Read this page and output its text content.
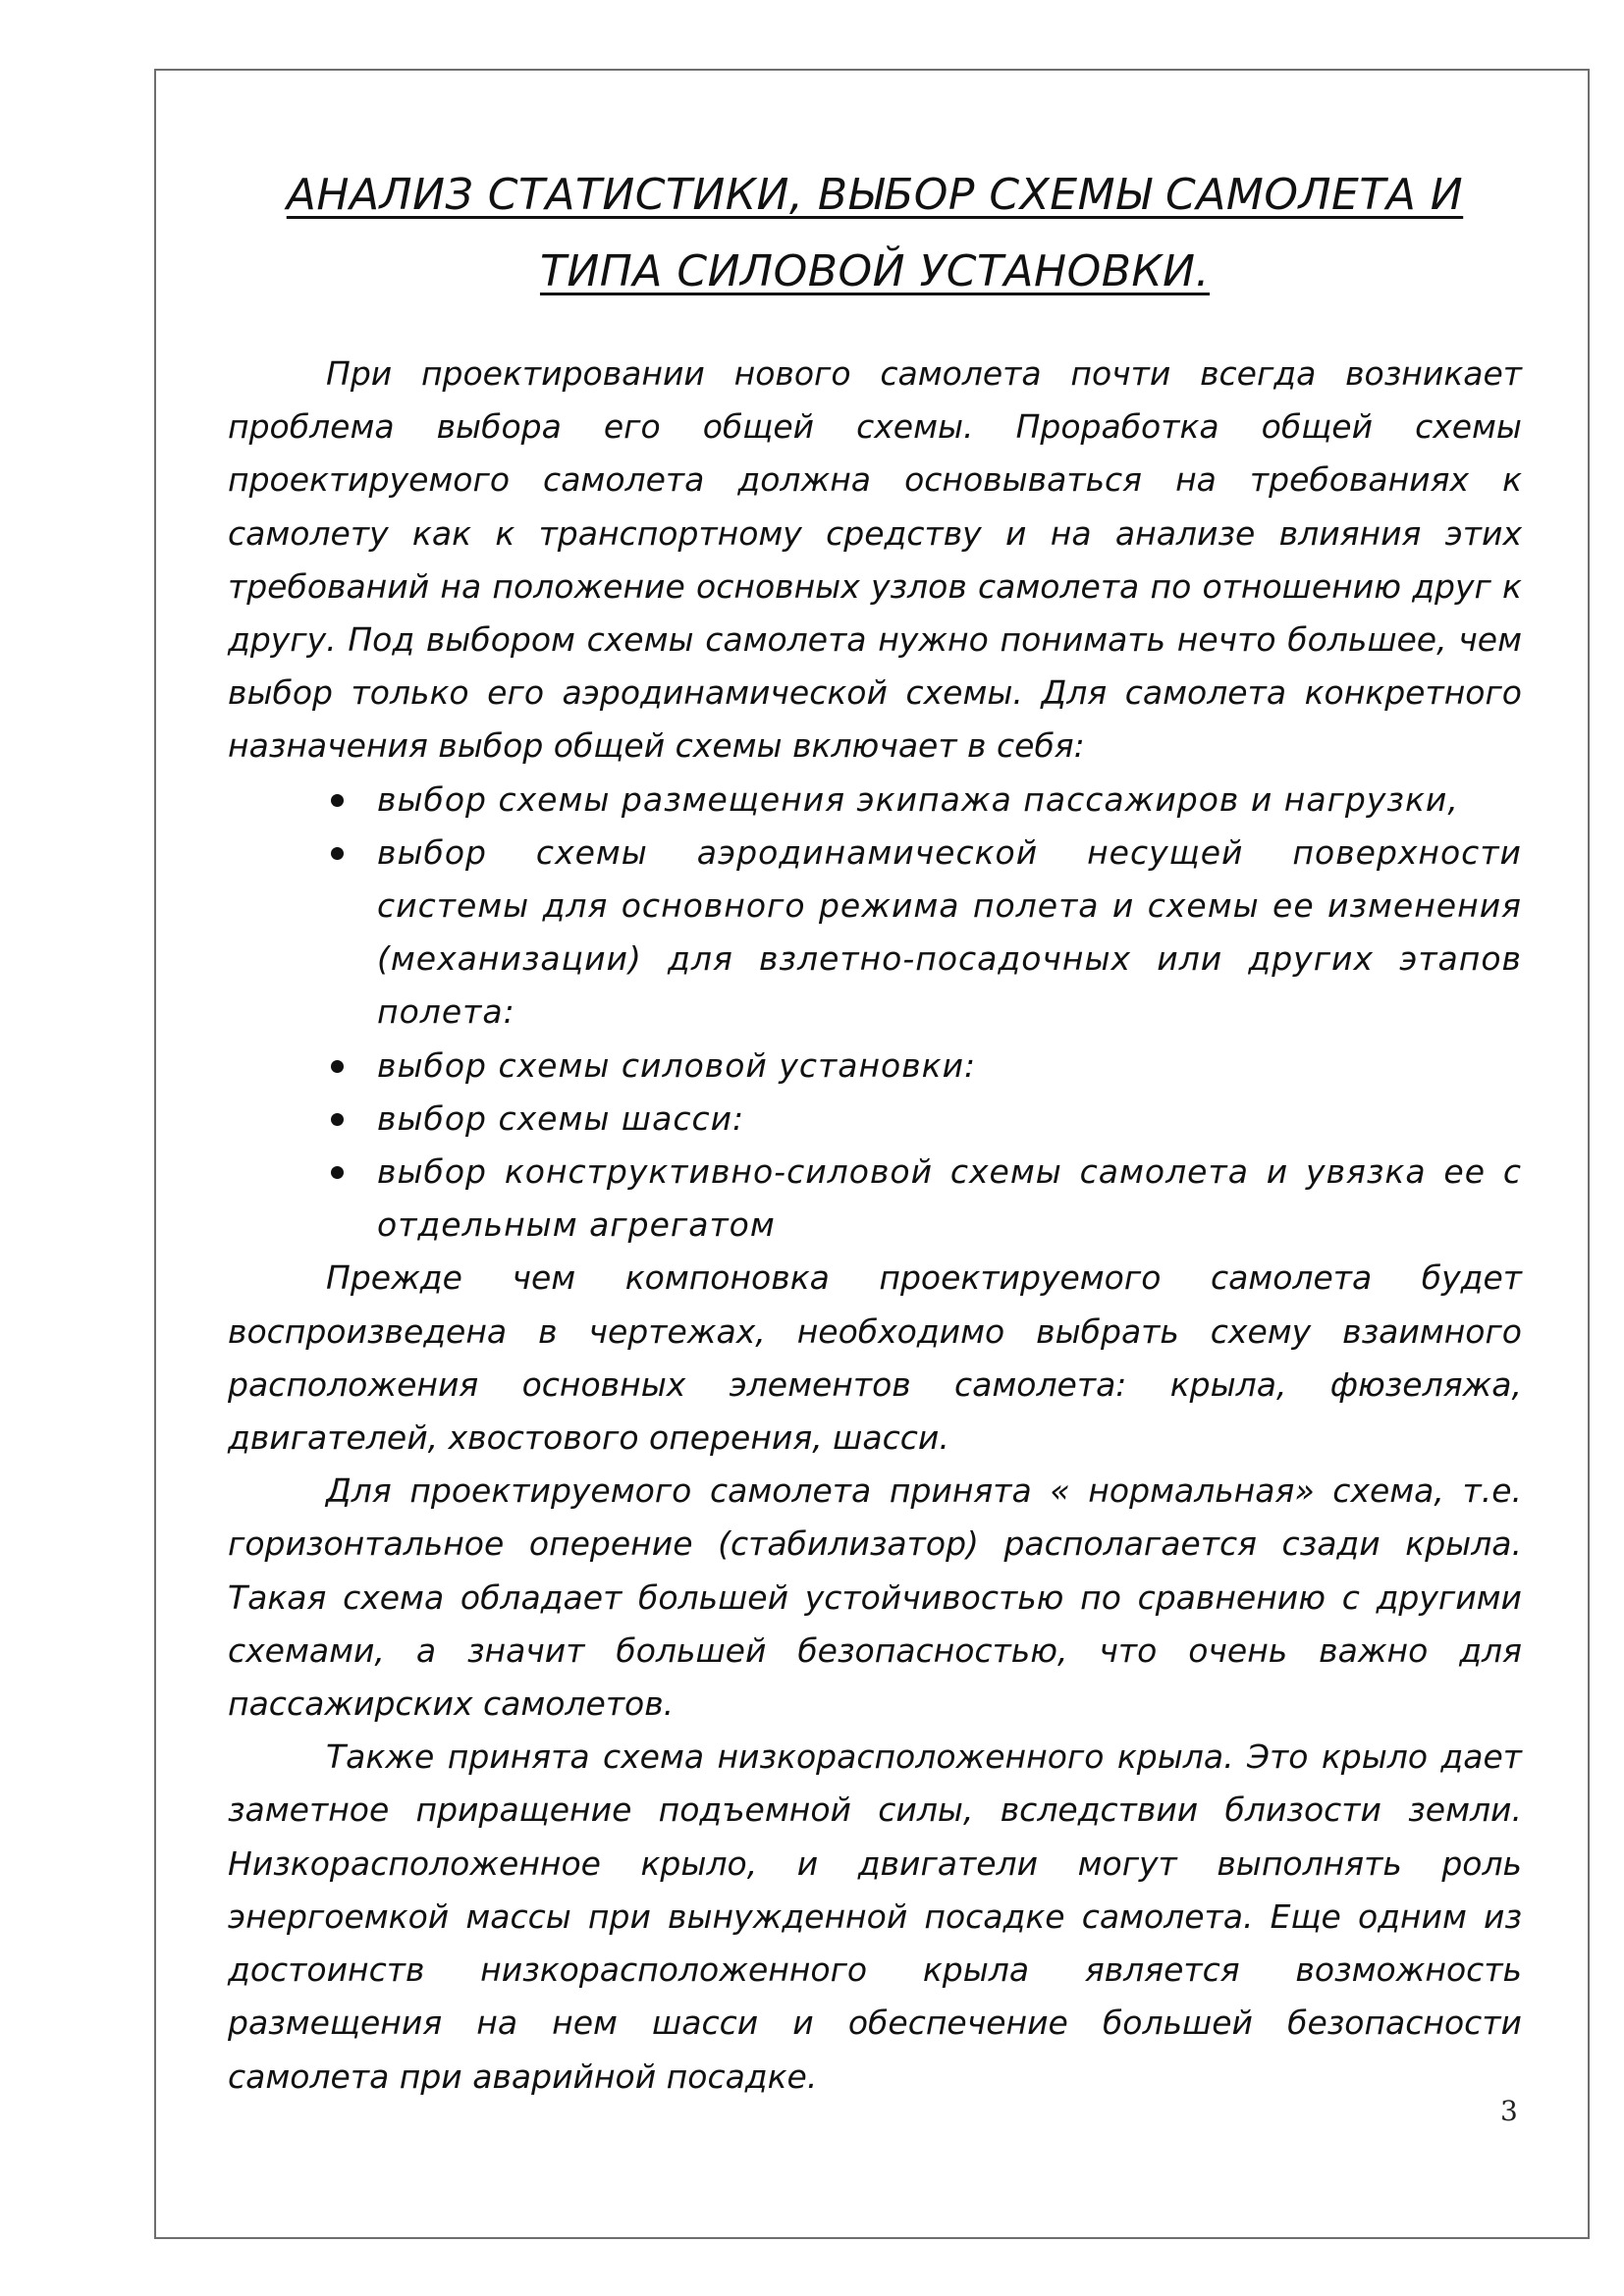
АНАЛИЗ СТАТИСТИКИ, ВЫБОР СХЕМЫ САМОЛЕТА И ТИПА СИЛОВОЙ УСТАНОВКИ.

При проектировании нового самолета почти всегда возникает проблема выбора его общей схемы. Проработка общей схемы проектируемого самолета должна основываться на требованиях к самолету как к транспортному средству и на анализе влияния этих требований на положение основных узлов самолета по отношению друг к другу. Под выбором схемы самолета нужно понимать нечто большее, чем выбор только его аэродинамической схемы. Для самолета конкретного назначения выбор общей схемы включает в себя:

выбор схемы размещения экипажа пассажиров и нагрузки,
выбор схемы аэродинамической несущей поверхности системы для основного режима полета и схемы ее изменения (механизации) для взлетно-посадочных или других этапов полета:
выбор схемы силовой установки:
выбор схемы шасси:
выбор конструктивно-силовой схемы самолета и увязка ее с отдельным агрегатом

Прежде чем компоновка проектируемого самолета будет воспроизведена в чертежах, необходимо выбрать схему взаимного расположения основных элементов самолета: крыла, фюзеляжа, двигателей, хвостового оперения, шасси.

Для проектируемого самолета принята « нормальная» схема, т.е. горизонтальное оперение (стабилизатор) располагается сзади крыла. Такая схема обладает большей устойчивостью по сравнению с другими схемами, а значит большей безопасностью, что очень важно для пассажирских самолетов.

Также принята схема низкорасположенного крыла. Это крыло дает заметное приращение подъемной силы, вследствии близости земли. Низкорасположенное крыло, и двигатели могут выполнять роль энергоемкой массы при вынужденной посадке самолета. Еще одним из достоинств низкорасположенного крыла является возможность размещения на нем шасси и обеспечение большей безопасности самолета при аварийной посадке.

3
